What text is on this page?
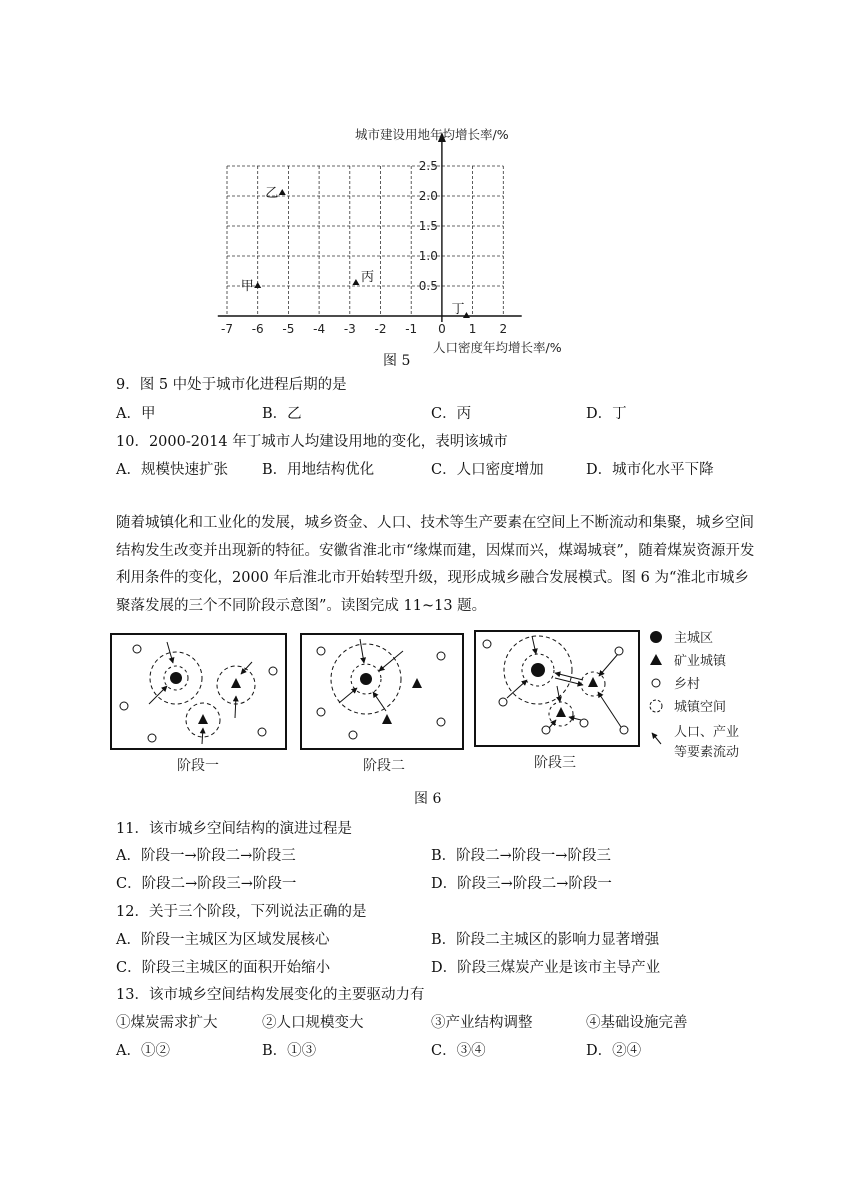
城市建设用地年均增长率/%
人口密度年均增长率/%
-7 -6 -5 -4 -3 -2 -1 0 1 2
0.5
1.0
1.5
2.0
2.5
甲
乙
丙
丁
图 5
9．图 5 中处于城市化进程后期的是
A．甲	B．乙	C．丙	D．丁
10．2000-2014 年丁城市人均建设用地的变化，表明该城市
A．规模快速扩张 B．用地结构优化	C．人口密度增加	D．城市化水平下降
随着城镇化和工业化的发展，城乡资金、人口、技术等生产要素在空间上不断流动和集聚，城乡空间结构发生改变并出现新的特征。安徽省淮北市“缘煤而建，因煤而兴，煤竭城衰”，随着煤炭资源开发利用条件的变化，2000 年后淮北市开始转型升级，现形成城乡融合发展模式。图 6 为“淮北市城乡聚落发展的三个不同阶段示意图”。读图完成 11~13 题。
阶段一	阶段二	阶段三
主城区
矿业城镇
乡村
城镇空间
人口、产业
等要素流动
图 6
11．该市城乡空间结构的演进过程是
A．阶段一→阶段二→阶段三	B．阶段二→阶段一→阶段三
C．阶段二→阶段三→阶段一	D．阶段三→阶段二→阶段一
12．关于三个阶段，下列说法正确的是
A．阶段一主城区为区域发展核心	B．阶段二主城区的影响力显著增强
C．阶段三主城区的面积开始缩小	D．阶段三煤炭产业是该市主导产业
13．该市城乡空间结构发展变化的主要驱动力有
①煤炭需求扩大	②人口规模变大	③产业结构调整	④基础设施完善
A．①②	B．①③	C．③④	D．②④
